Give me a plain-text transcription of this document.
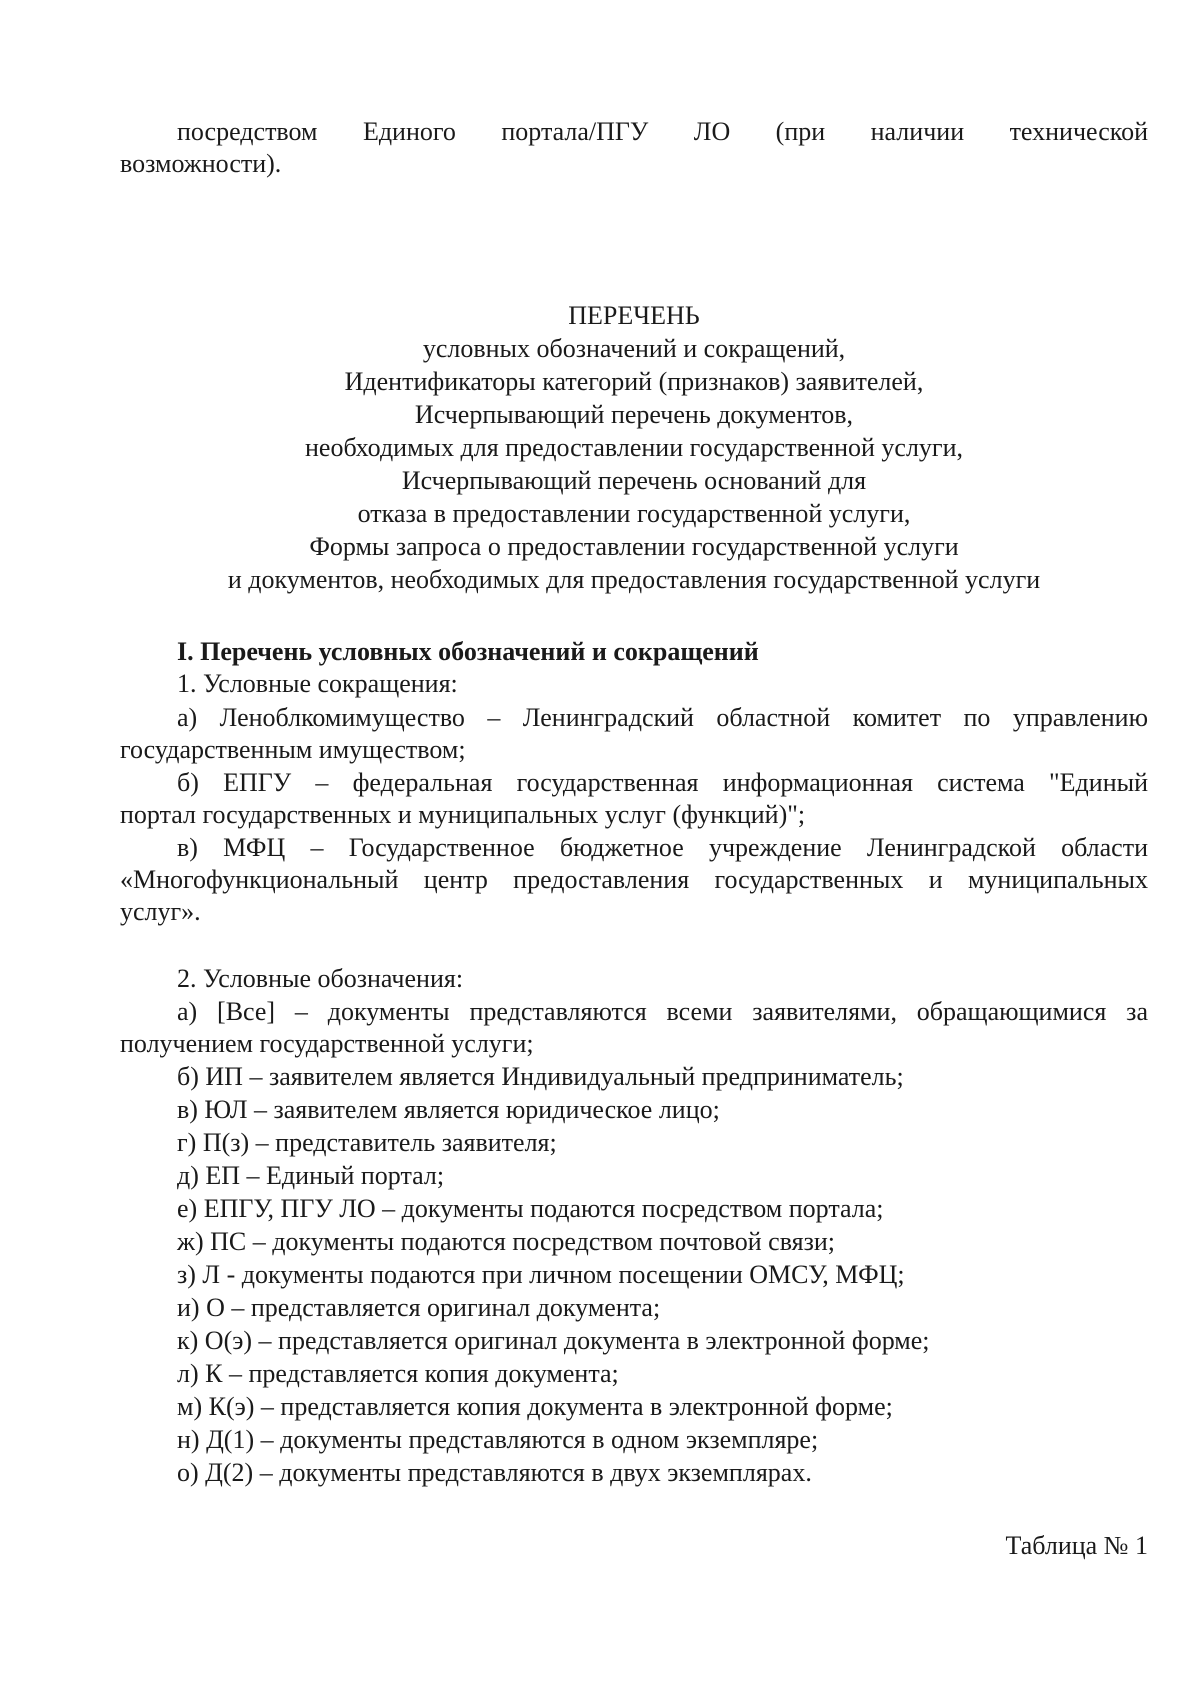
посредством Единого портала/ПГУ ЛО (при наличии технической
возможности).
ПЕРЕЧЕНЬ
условных обозначений и сокращений,
Идентификаторы категорий (признаков) заявителей,
Исчерпывающий перечень документов,
необходимых для предоставлении государственной услуги,
Исчерпывающий перечень оснований для
отказа в предоставлении государственной услуги,
Формы запроса о предоставлении государственной услуги
и документов, необходимых для предоставления государственной услуги
I. Перечень условных обозначений и сокращений
1. Условные сокращения:
а) Леноблкомимущество – Ленинградский областной комитет по управлению
государственным имуществом;
б) ЕПГУ – федеральная государственная информационная система "Единый
портал государственных и муниципальных услуг (функций)";
в) МФЦ – Государственное бюджетное учреждение Ленинградской области
«Многофункциональный центр предоставления государственных и муниципальных
услуг».
2. Условные обозначения:
а) [Все] – документы представляются всеми заявителями, обращающимися за
получением государственной услуги;
б) ИП – заявителем является Индивидуальный предприниматель;
в) ЮЛ – заявителем является юридическое лицо;
г) П(з) – представитель заявителя;
д) ЕП – Единый портал;
е) ЕПГУ, ПГУ ЛО – документы подаются посредством портала;
ж) ПС – документы подаются посредством почтовой связи;
з) Л - документы подаются при личном посещении ОМСУ, МФЦ;
и) О – представляется оригинал документа;
к) О(э) – представляется оригинал документа в электронной форме;
л) К – представляется копия документа;
м) К(э) – представляется копия документа в электронной форме;
н) Д(1) – документы представляются в одном экземпляре;
о) Д(2) – документы представляются в двух экземплярах.
Таблица № 1
